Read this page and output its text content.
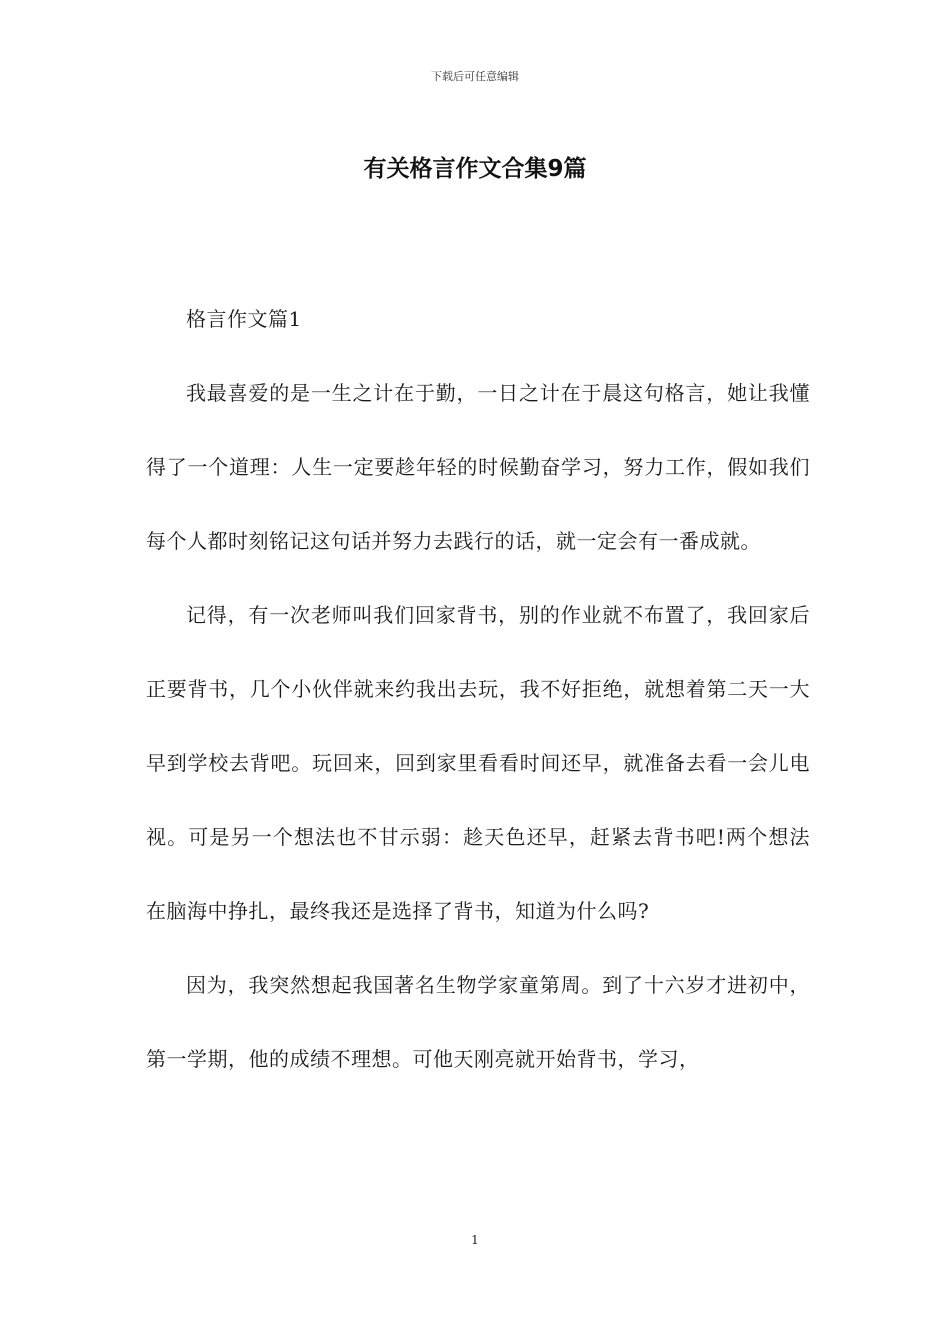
下载后可任意编辑
有关格言作文合集9篇

格言作文篇1

我最喜爱的是一生之计在于勤，一日之计在于晨这句格言，她让我懂得了一个道理：人生一定要趁年轻的时候勤奋学习，努力工作，假如我们每个人都时刻铭记这句话并努力去践行的话，就一定会有一番成就。

记得，有一次老师叫我们回家背书，别的作业就不布置了，我回家后正要背书，几个小伙伴就来约我出去玩，我不好拒绝，就想着第二天一大早到学校去背吧。玩回来，回到家里看看时间还早，就准备去看一会儿电视。可是另一个想法也不甘示弱：趁天色还早，赶紧去背书吧!两个想法在脑海中挣扎，最终我还是选择了背书，知道为什么吗?

因为，我突然想起我国著名生物学家童第周。到了十六岁才进初中，第一学期，他的成绩不理想。可他天刚亮就开始背书，学习，

1
